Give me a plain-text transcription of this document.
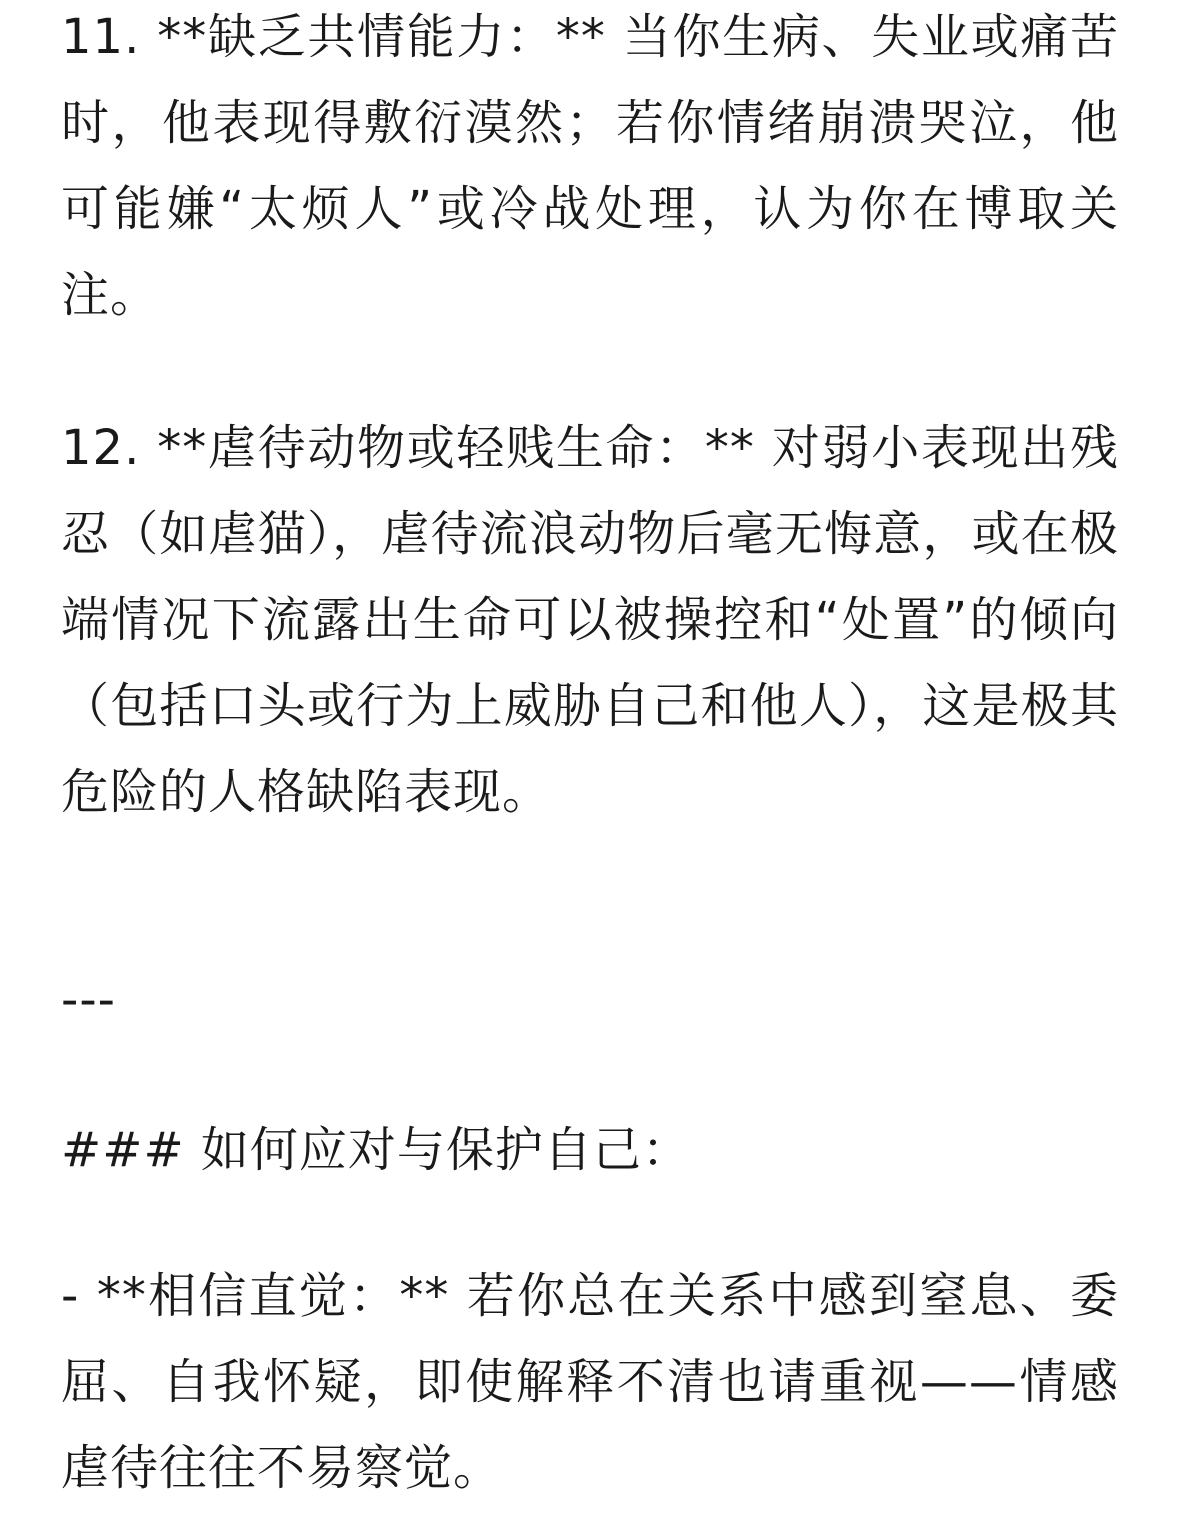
11. **缺乏共情能力：** 当你生病、失业或痛苦时，他表现得敷衍漠然；若你情绪崩溃哭泣，他可能嫌“太烦人”或冷战处理，认为你在博取关注。

12. **虐待动物或轻贱生命：** 对弱小表现出残忍（如虐猫），虐待流浪动物后毫无悔意，或在极端情况下流露出生命可以被操控和“处置”的倾向（包括口头或行为上威胁自己和他人），这是极其危险的人格缺陷表现。

---

### 如何应对与保护自己：

- **相信直觉：** 若你总在关系中感到窒息、委屈、自我怀疑，即使解释不清也请重视——情感虐待往往不易察觉。
